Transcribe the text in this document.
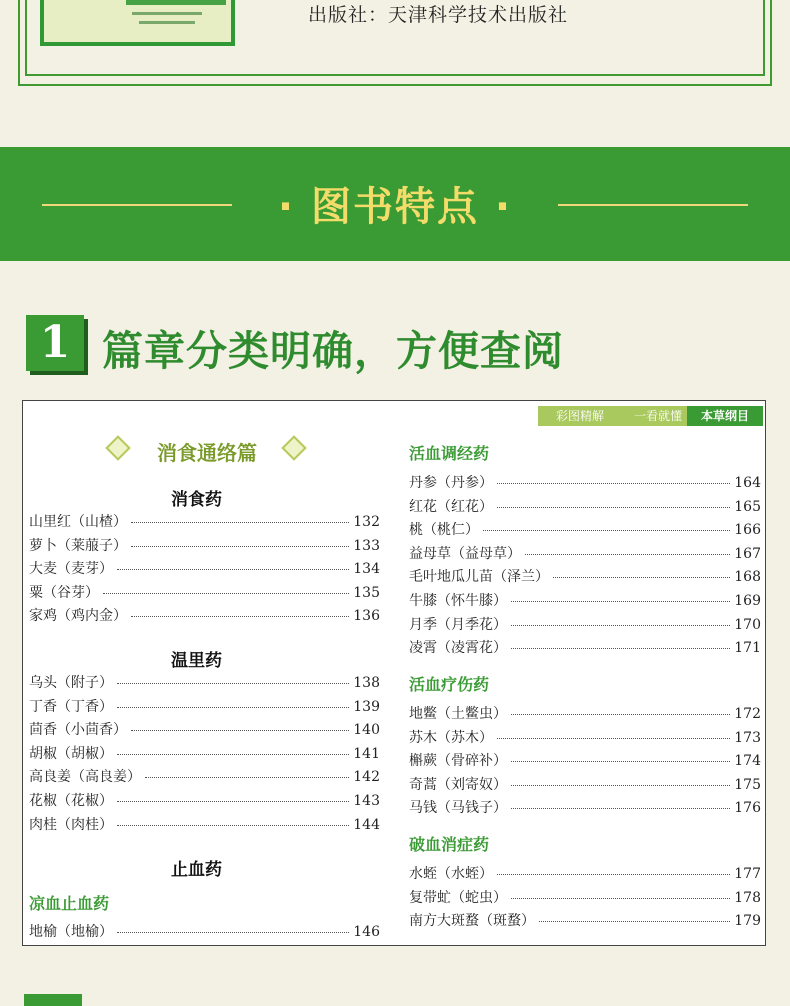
出版社：天津科学技术出版社
· 图书特点 ·
1 篇章分类明确，方便查阅
彩图精解	一看就懂	本草纲目
消食通络篇
消食药
山里红（山楂）	132
萝卜（莱菔子）	133
大麦（麦芽）	134
粟（谷芽）	135
家鸡（鸡内金）	136
温里药
乌头（附子）	138
丁香（丁香）	139
茴香（小茴香）	140
胡椒（胡椒）	141
高良姜（高良姜）	142
花椒（花椒）	143
肉桂（肉桂）	144
止血药
凉血止血药
地榆（地榆）	146
活血调经药
丹参（丹参）	164
红花（红花）	165
桃（桃仁）	166
益母草（益母草）	167
毛叶地瓜儿苗（泽兰）	168
牛膝（怀牛膝）	169
月季（月季花）	170
凌霄（凌霄花）	171
活血疗伤药
地鳖（土鳖虫）	172
苏木（苏木）	173
槲蕨（骨碎补）	174
奇蒿（刘寄奴）	175
马钱（马钱子）	176
破血消症药
水蛭（水蛭）	177
复带虻（蛇虫）	178
南方大斑蝥（斑蝥）	179
